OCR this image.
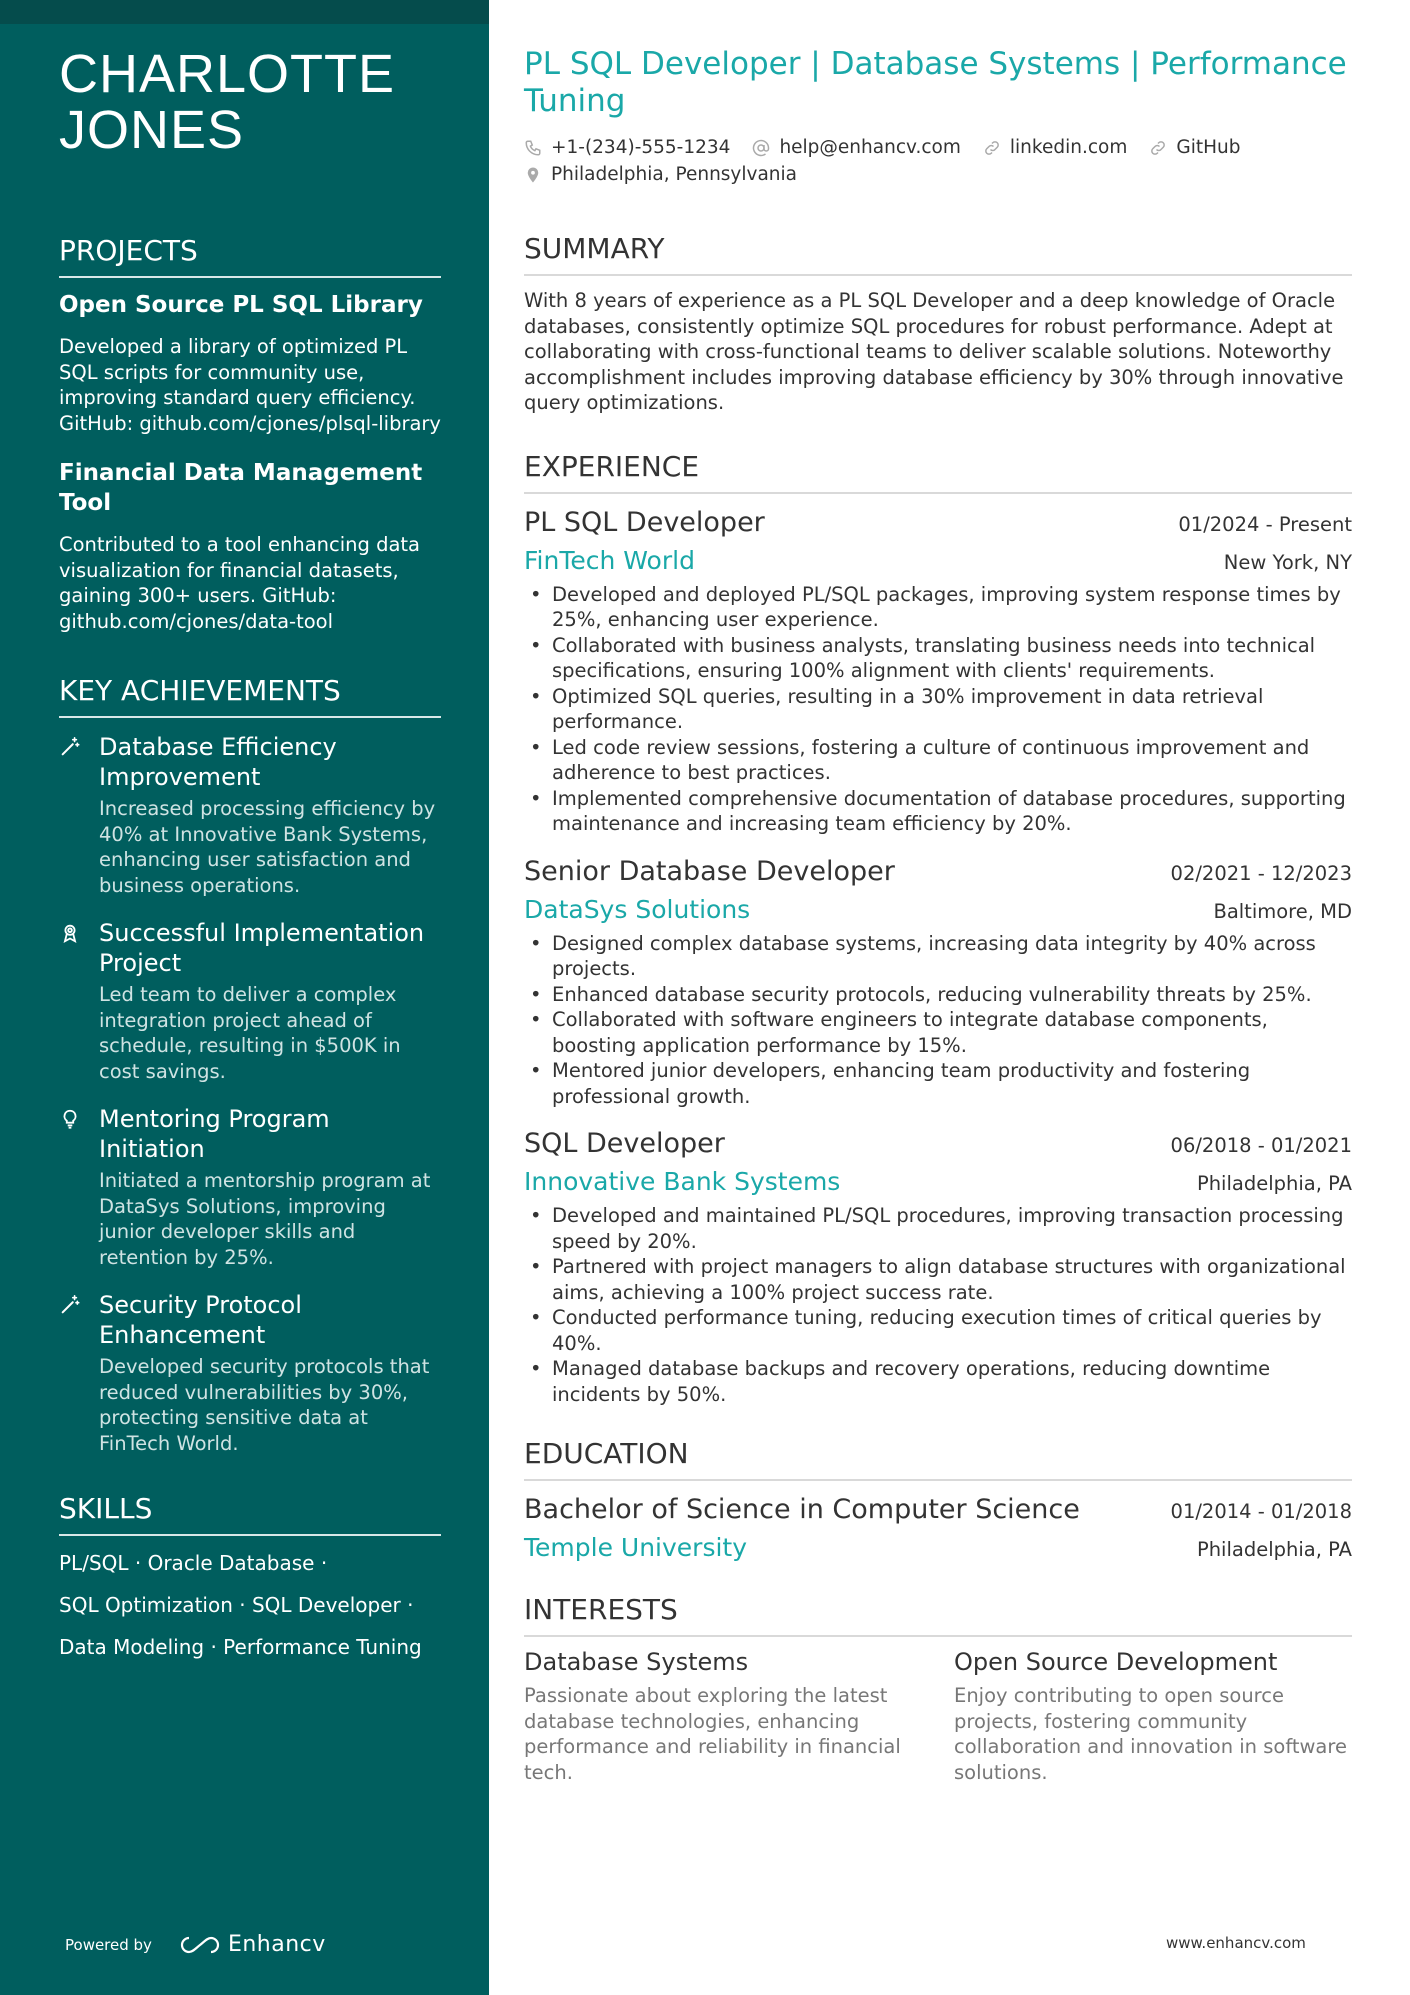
CHARLOTTE JONES
PROJECTS
Open Source PL SQL Library
Developed a library of optimized PL SQL scripts for community use, improving standard query efficiency. GitHub: github.com/cjones/plsql-library
Financial Data Management Tool
Contributed to a tool enhancing data visualization for financial datasets, gaining 300+ users. GitHub: github.com/cjones/data-tool
KEY ACHIEVEMENTS
Database Efficiency Improvement
Increased processing efficiency by 40% at Innovative Bank Systems, enhancing user satisfaction and business operations.
Successful Implementation Project
Led team to deliver a complex integration project ahead of schedule, resulting in $500K in cost savings.
Mentoring Program Initiation
Initiated a mentorship program at DataSys Solutions, improving junior developer skills and retention by 25%.
Security Protocol Enhancement
Developed security protocols that reduced vulnerabilities by 30%, protecting sensitive data at FinTech World.
SKILLS
PL/SQL · Oracle Database ·
SQL Optimization · SQL Developer ·
Data Modeling · Performance Tuning
Powered by	Enhancv
PL SQL Developer | Database Systems | Performance Tuning
+1-(234)-555-1234	help@enhancv.com	linkedin.com	GitHub
Philadelphia, Pennsylvania
SUMMARY
With 8 years of experience as a PL SQL Developer and a deep knowledge of Oracle databases, consistently optimize SQL procedures for robust performance. Adept at collaborating with cross-functional teams to deliver scalable solutions. Noteworthy accomplishment includes improving database efficiency by 30% through innovative query optimizations.
EXPERIENCE
PL SQL Developer	01/2024 - Present
FinTech World	New York, NY
• Developed and deployed PL/SQL packages, improving system response times by 25%, enhancing user experience.
• Collaborated with business analysts, translating business needs into technical specifications, ensuring 100% alignment with clients' requirements.
• Optimized SQL queries, resulting in a 30% improvement in data retrieval performance.
• Led code review sessions, fostering a culture of continuous improvement and adherence to best practices.
• Implemented comprehensive documentation of database procedures, supporting maintenance and increasing team efficiency by 20%.
Senior Database Developer	02/2021 - 12/2023
DataSys Solutions	Baltimore, MD
• Designed complex database systems, increasing data integrity by 40% across projects.
• Enhanced database security protocols, reducing vulnerability threats by 25%.
• Collaborated with software engineers to integrate database components, boosting application performance by 15%.
• Mentored junior developers, enhancing team productivity and fostering professional growth.
SQL Developer	06/2018 - 01/2021
Innovative Bank Systems	Philadelphia, PA
• Developed and maintained PL/SQL procedures, improving transaction processing speed by 20%.
• Partnered with project managers to align database structures with organizational aims, achieving a 100% project success rate.
• Conducted performance tuning, reducing execution times of critical queries by 40%.
• Managed database backups and recovery operations, reducing downtime incidents by 50%.
EDUCATION
Bachelor of Science in Computer Science	01/2014 - 01/2018
Temple University	Philadelphia, PA
INTERESTS
Database Systems
Passionate about exploring the latest database technologies, enhancing performance and reliability in financial tech.
Open Source Development
Enjoy contributing to open source projects, fostering community collaboration and innovation in software solutions.
www.enhancv.com
